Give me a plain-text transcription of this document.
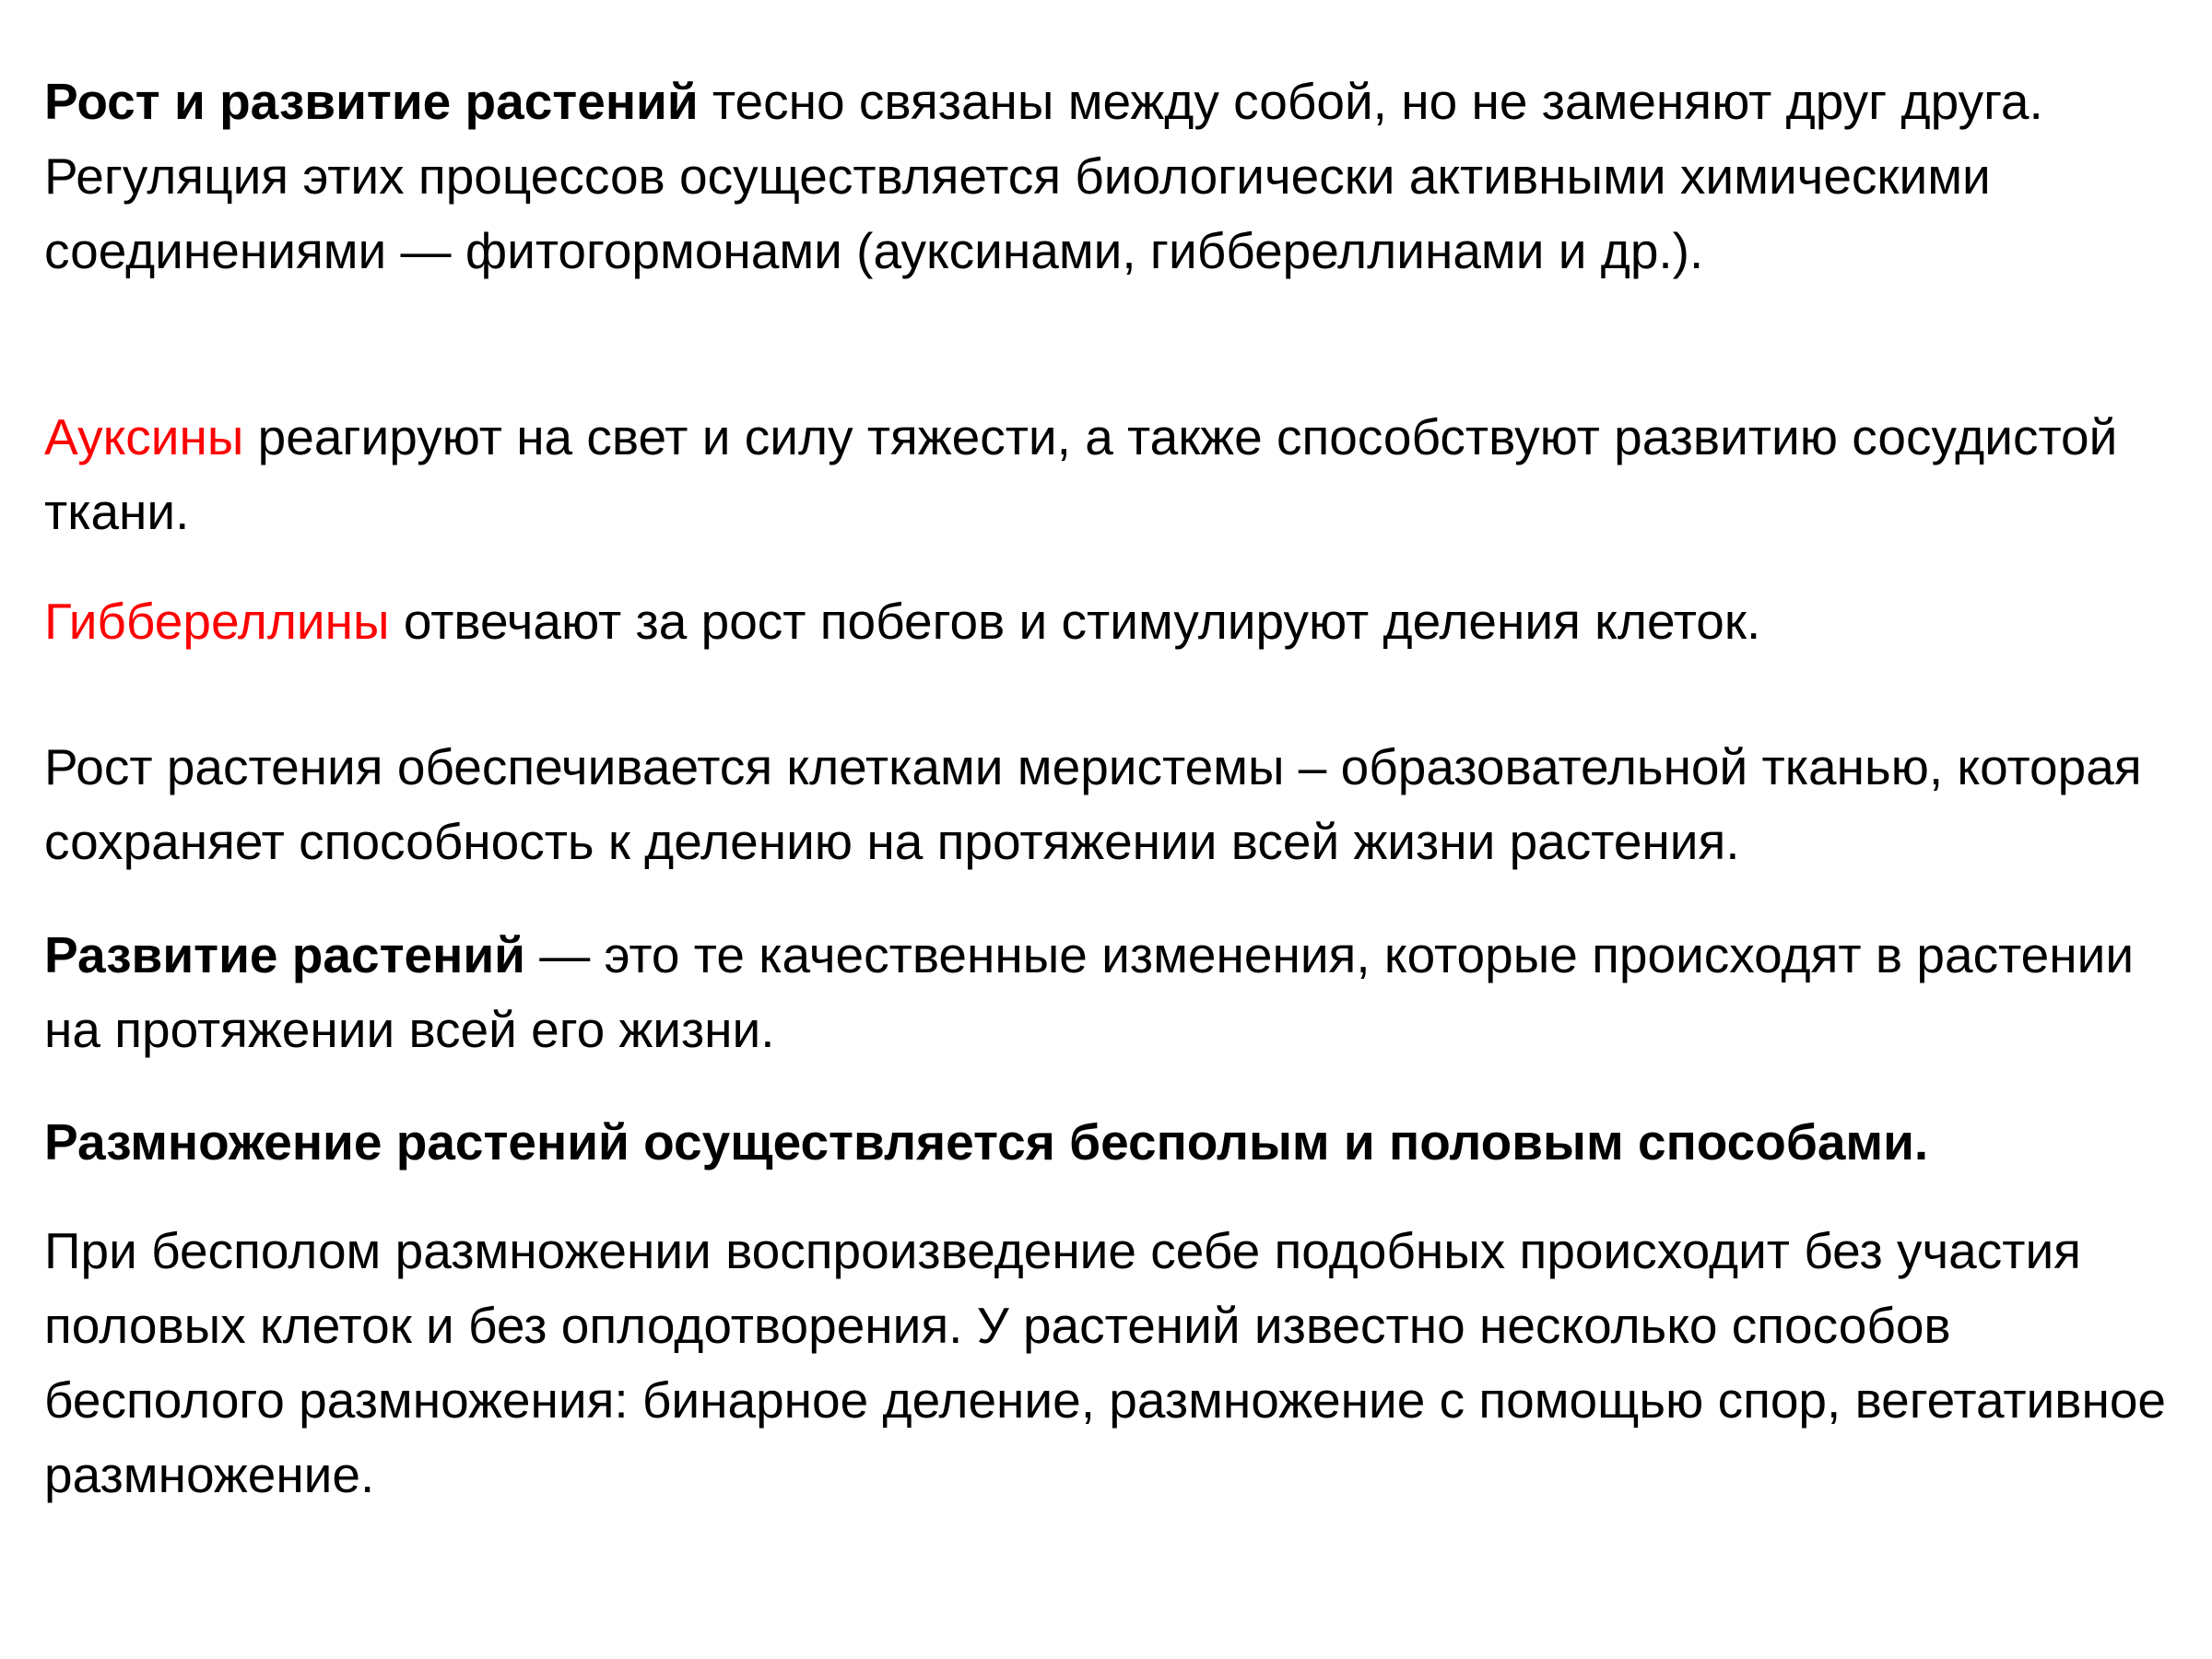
Рост и развитие растений тесно связаны между собой, но не заменяют друг друга. Регуляция этих процессов осуществляется биологически активными химическими соединениями — фитогормонами (ауксинами, гиббереллинами и др.).

Ауксины реагируют на свет и силу тяжести, а также способствуют развитию сосудистой ткани.

Гиббереллины отвечают за рост побегов и стимулируют деления клеток.

Рост растения обеспечивается клетками меристемы – образовательной тканью, которая сохраняет способность к делению на протяжении всей жизни растения.

Развитие растений — это те качественные изменения, которые происходят в растении на протяжении всей его жизни.

Размножение растений осуществляется бесполым и половым способами.

При бесполом размножении воспроизведение себе подобных происходит без участия половых клеток и без оплодотворения. У растений известно несколько способов бесполого размножения: бинарное деление, размножение с помощью спор, вегетативное размножение.
